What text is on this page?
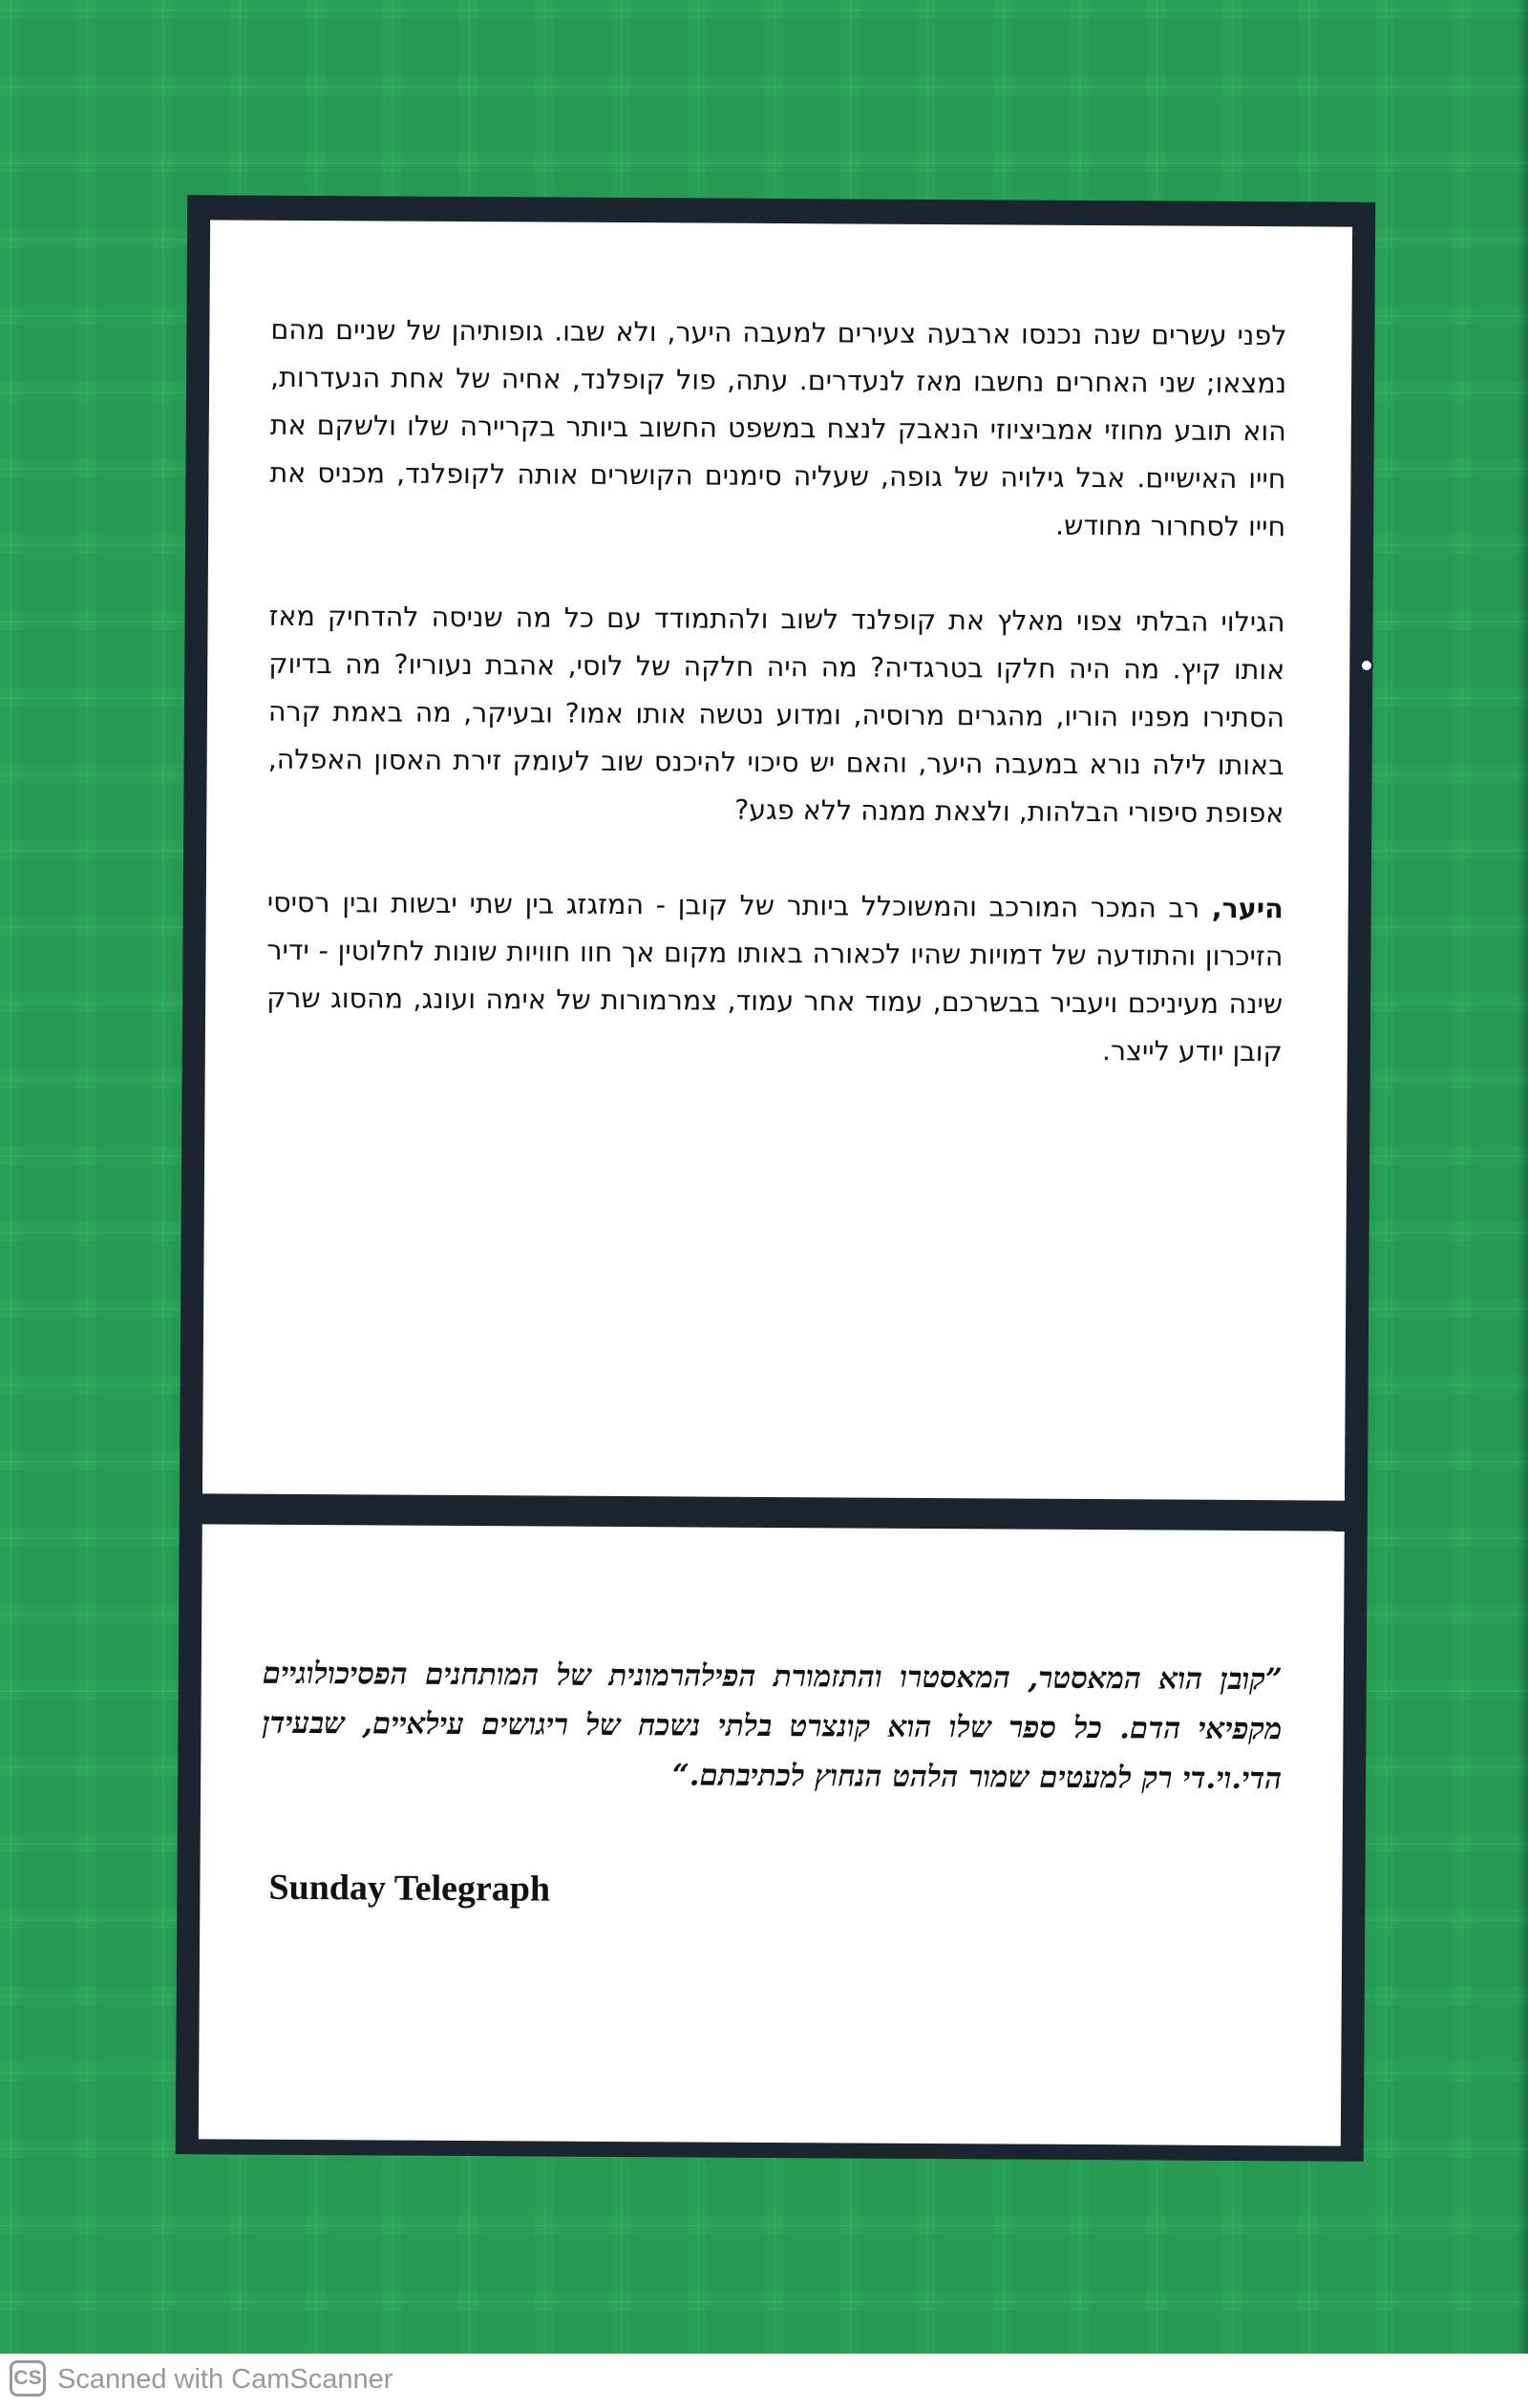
לפני עשרים שנה נכנסו ארבעה צעירים למעבה היער, ולא שבו. גופותיהן של שניים מהם נמצאו; שני האחרים נחשבו מאז לנעדרים. עתה, פול קופלנד, אחיה של אחת הנעדרות, הוא תובע מחוזי אמביציוזי הנאבק לנצח במשפט החשוב ביותר בקריירה שלו ולשקם את חייו האישיים. אבל גילויה של גופה, שעליה סימנים הקושרים אותה לקופלנד, מכניס את חייו לסחרור מחודש.

הגילוי הבלתי צפוי מאלץ את קופלנד לשוב ולהתמודד עם כל מה שניסה להדחיק מאז אותו קיץ. מה היה חלקו בטרגדיה? מה היה חלקה של לוסי, אהבת נעוריו? מה בדיוק הסתירו מפניו הוריו, מהגרים מרוסיה, ומדוע נטשה אותו אמו? ובעיקר, מה באמת קרה באותו לילה נורא במעבה היער, והאם יש סיכוי להיכנס שוב לעומק זירת האסון האפלה, אפופת סיפורי הבלהות, ולצאת ממנה ללא פגע?

היער, רב המכר המורכב והמשוכלל ביותר של קובן - המזגזג בין שתי יבשות ובין רסיסי הזיכרון והתודעה של דמויות שהיו לכאורה באותו מקום אך חוו חוויות שונות לחלוטין - ידיר שינה מעיניכם ויעביר בבשרכם, עמוד אחר עמוד, צמרמורות של אימה ועונג, מהסוג שרק קובן יודע לייצר.

”קובן הוא המאסטר, המאסטרו והתזמורת הפילהרמונית של המותחנים הפסיכולוגיים מקפיאי הדם. כל ספר שלו הוא קונצרט בלתי נשכח של ריגושים עילאיים, שבעידן הדי.וי.די רק למעטים שמור הלהט הנחוץ לכתיבתם.“
Sunday Telegraph
CS Scanned with CamScanner
